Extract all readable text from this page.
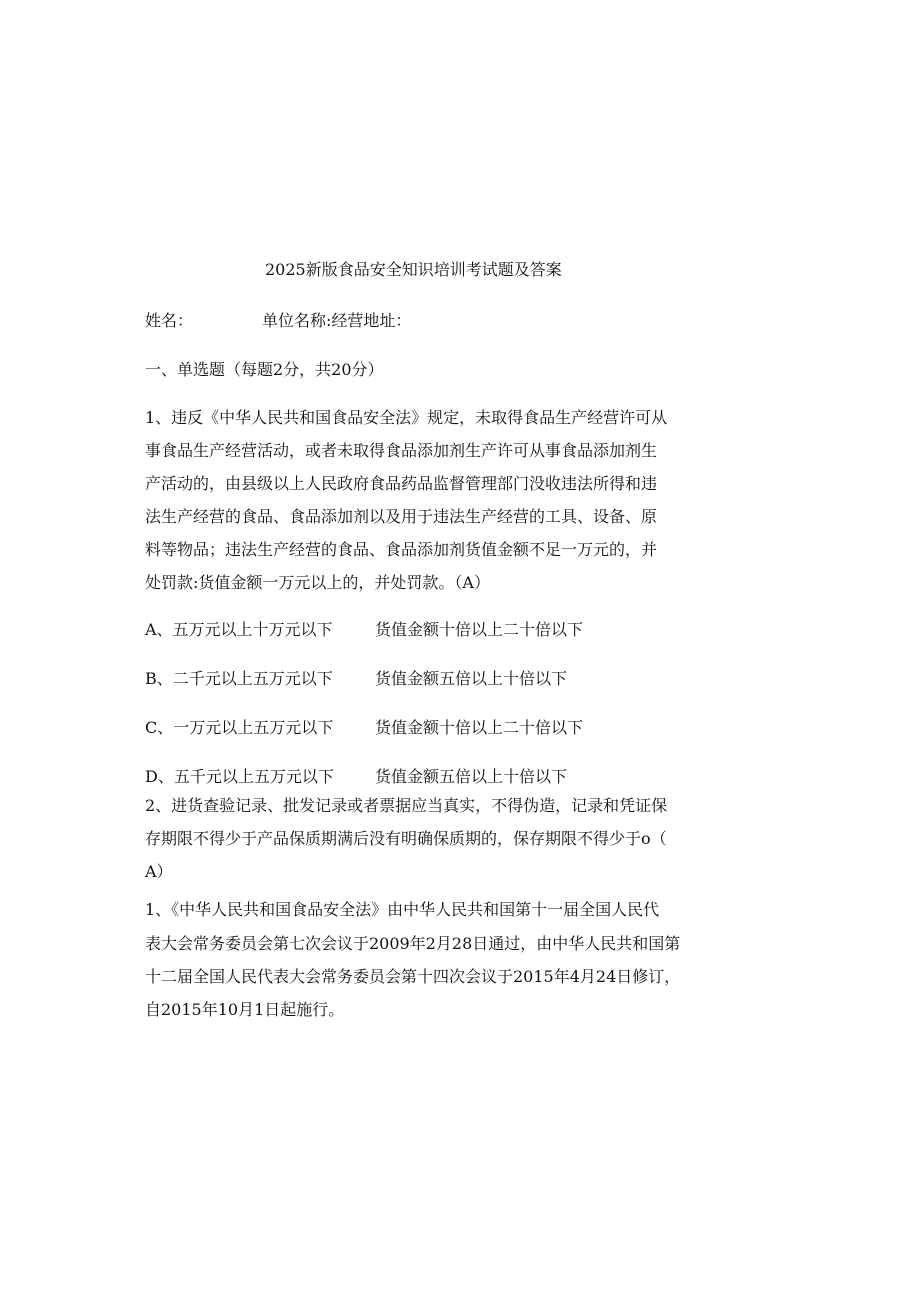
2025新版食品安全知识培训考试题及答案

姓名：	单位名称:经营地址：

一、单选题（每题2分，共20分）

1、违反《中华人民共和国食品安全法》规定，未取得食品生产经营许可从

事食品生产经营活动，或者未取得食品添加剂生产许可从事食品添加剂生

产活动的，由县级以上人民政府食品药品监督管理部门没收违法所得和违

法生产经营的食品、食品添加剂以及用于违法生产经营的工具、设备、原

料等物品；违法生产经营的食品、食品添加剂货值金额不足一万元的，并

处罚款:货值金额一万元以上的，并处罚款。（A）

A、五万元以上十万元以下	货值金额十倍以上二十倍以下
B、二千元以上五万元以下	货值金额五倍以上十倍以下
C、一万元以上五万元以下	货值金额十倍以上二十倍以下
D、五千元以上五万元以下	货值金额五倍以上十倍以下

2、进货查验记录、批发记录或者票据应当真实，不得伪造，记录和凭证保

存期限不得少于产品保质期满后没有明确保质期的，保存期限不得少于o（

A）

1、《中华人民共和国食品安全法》由中华人民共和国第十一届全国人民代

表大会常务委员会第七次会议于2009年2月28日通过，由中华人民共和国第

十二届全国人民代表大会常务委员会第十四次会议于2015年4月24日修订，

自2015年10月1日起施行。
